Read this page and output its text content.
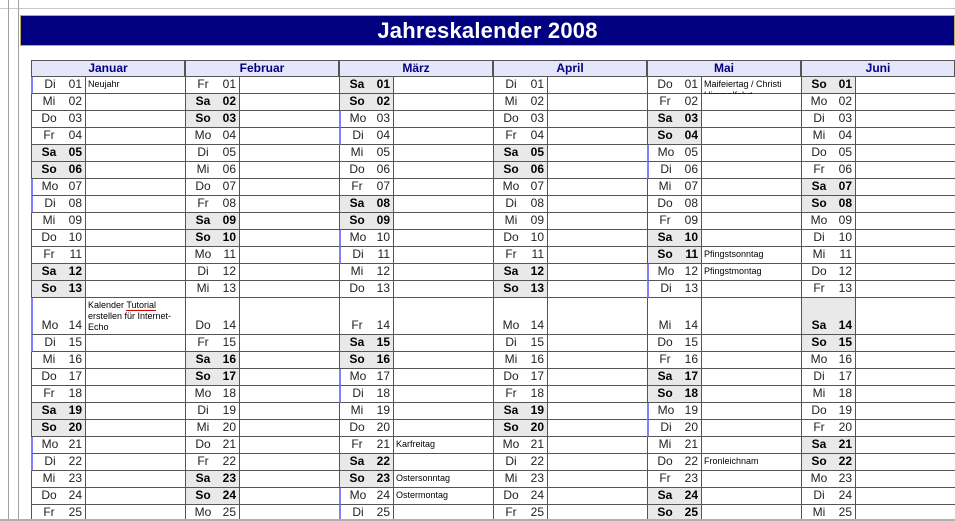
Jahreskalender 2008
Januar
Di	01 Neujahr
Mi	02
Do 03
Fr	04
Sa	05
So 06
Mo 07
Di	08
Mi	09
Do 10
Fr	11
Sa	12
So 13
Mo 14
Kalender Tutorial erstellen für Internet-Echo
Di	15
Mi	16
Do 17
Fr	18
Sa	19
So 20
Mo 21
Di	22
Mi	23
Do 24
Fr	25
Februar
Fr	01
Sa	02
So 03
Mo 04
Di	05
Mi	06
Do 07
Fr	08
Sa	09
So 10
Mo	11
Di	12
Mi	13
Do 14
Fr	15
Sa	16
So 17
Mo 18
Di	19
Mi	20
Do 21
Fr	22
Sa	23
So 24
Mo 25
März
Sa	01
So 02
Mo 03
Di	04
Mi	05
Do 06
Fr	07
Sa	08
So 09
Mo 10
Di	11
Mi	12
Do 13
Fr	14
Sa	15
So 16
Mo 17
Di	18
Mi	19
Do 20
Fr	21 Karfreitag
Sa	22
So 23 Ostersonntag
Mo 24 Ostermontag
Di	25
April
Di	01
Mi	02
Do 03
Fr	04
Sa	05
So 06
Mo 07
Di	08
Mi	09
Do 10
Fr	11
Sa	12
So 13
Mo 14
Di	15
Mi	16
Do 17
Fr	18
Sa	19
So 20
Mo 21
Di	22
Mi	23
Do 24
Fr	25
Mai
Do 01 Maifeiertag / Christi
Fr	02
Sa	03
So 04
Mo 05
Di	06
Mi	07
Do 08
Fr	09
Sa	10
So	11 Pfingstsonntag
Mo 12 Pfingstmontag
Di	13
Mi	14
Do 15
Fr	16
Sa	17
So 18
Mo 19
Di	20
Mi	21
Do 22 Fronleichnam
Fr	23
Sa	24
So 25
Juni
So 01
Mo 02
Di	03
Mi	04
Do 05
Fr	06
Sa	07
So 08
Mo 09
Di	10
Mi	11
Do 12
Fr	13
Sa	14
So 15
Mo 16
Di	17
Mi	18
Do 19
Fr	20
Sa	21
So 22
Mo 23
Di	24
Mi	25
